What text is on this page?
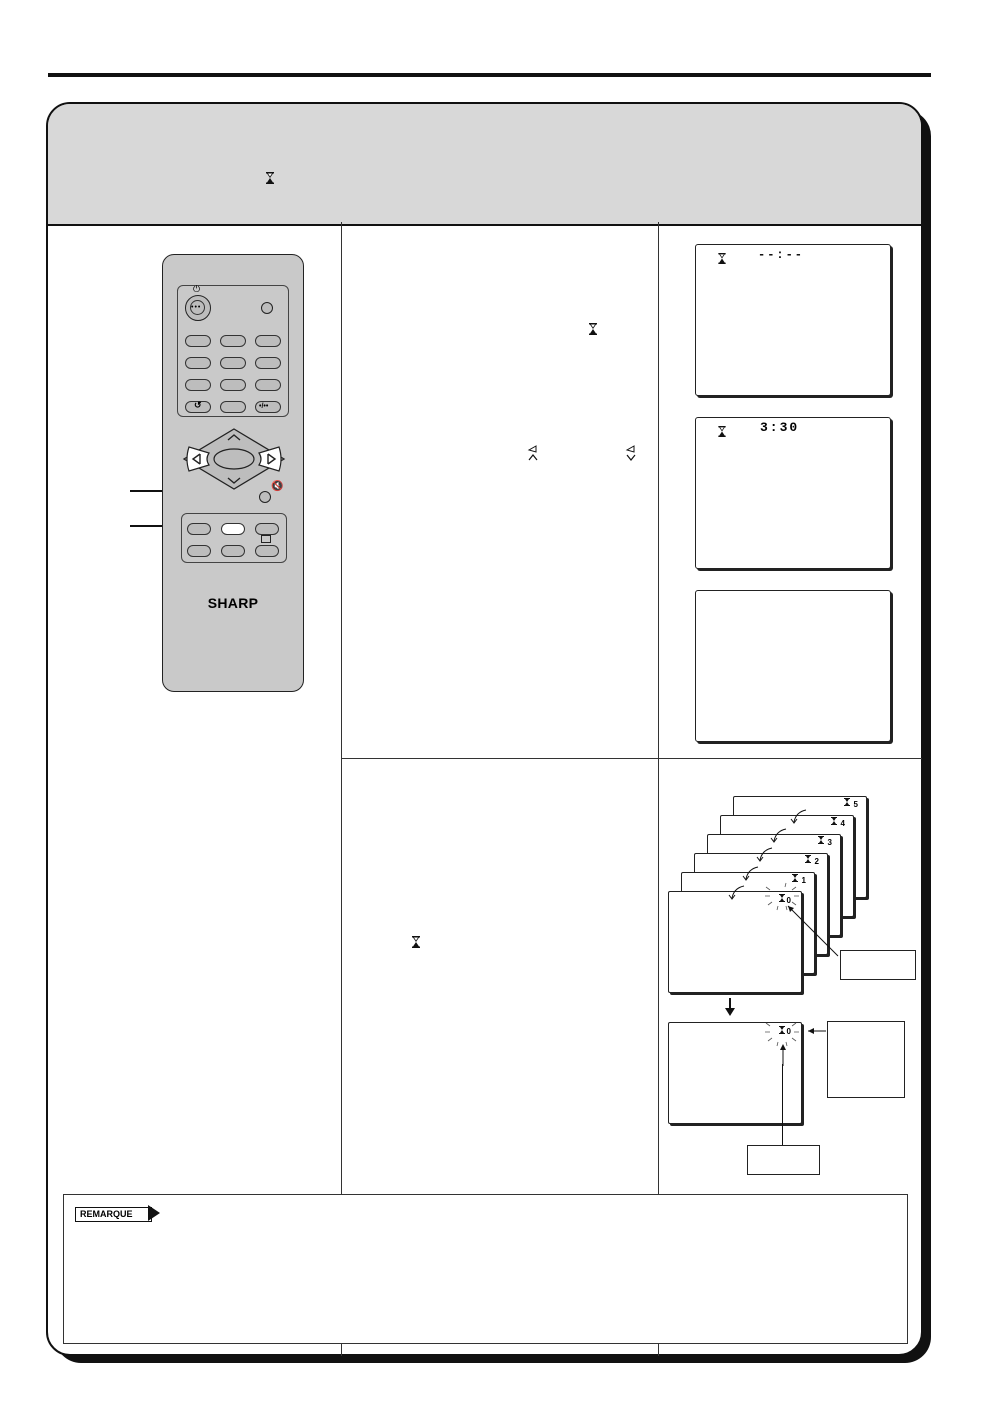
•••
⏻
↺	•/••
🔇
SHARP
--:--
3:30
5
4
3
2
1
0
0
REMARQUE
